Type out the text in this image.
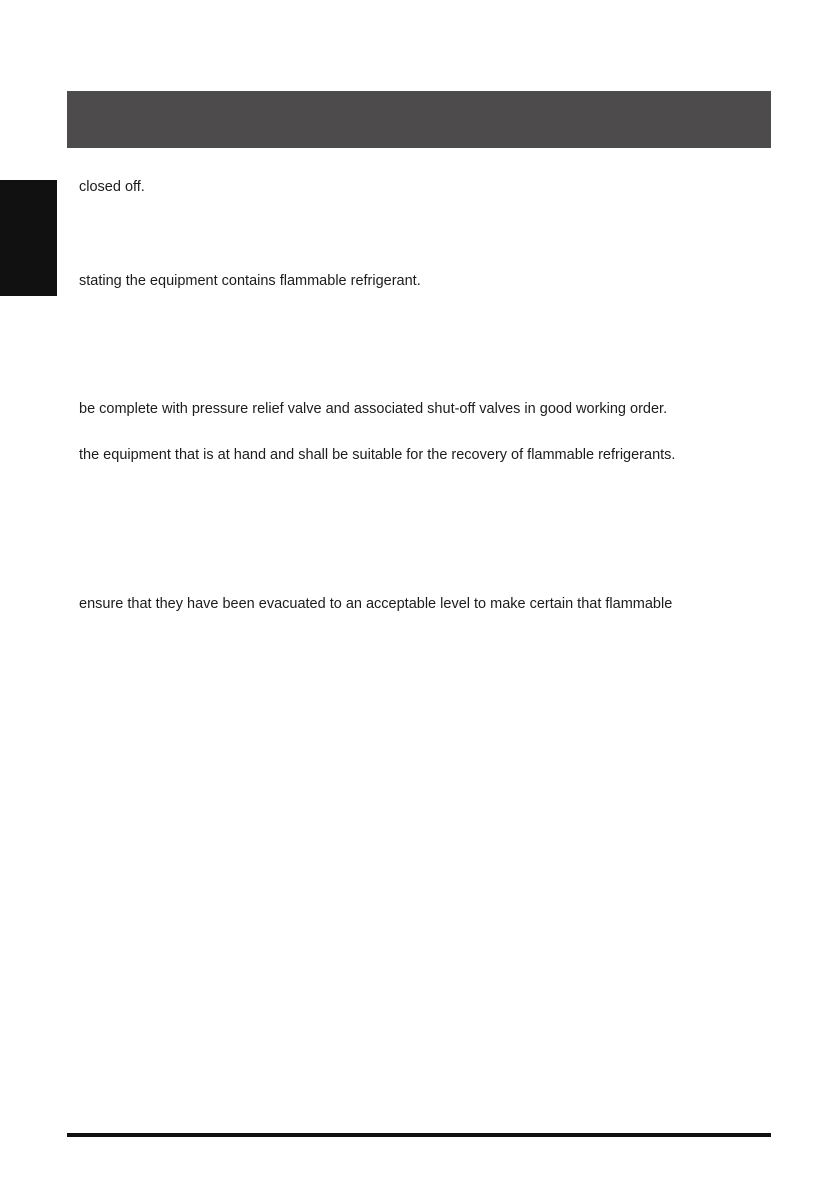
closed off.
stating the equipment contains flammable refrigerant.
be complete with pressure relief valve and associated shut-off valves in good working order.
the equipment that is at hand and shall be suitable for the recovery of flammable refrigerants.
ensure that they have been evacuated to an acceptable level to make certain that flammable
